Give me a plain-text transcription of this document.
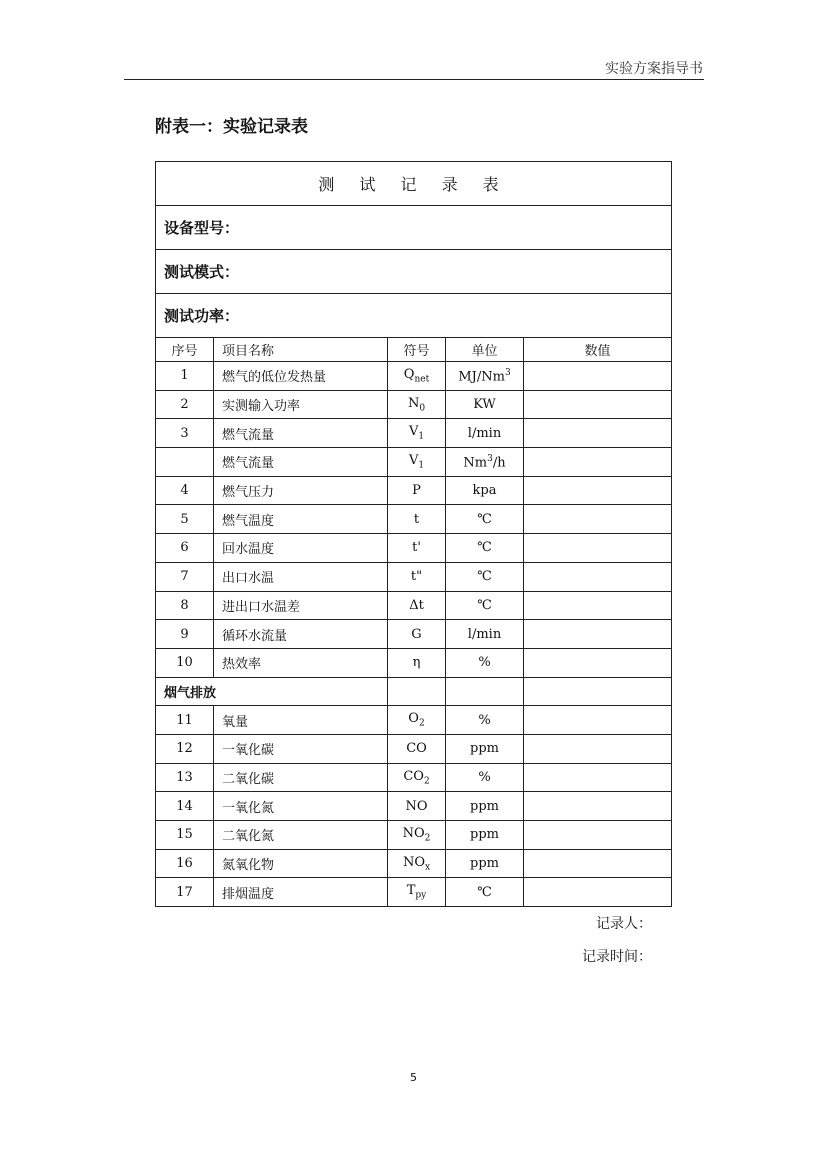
实验方案指导书
附表一：实验记录表
测 试 记 录 表				
设备型号：				
测试模式：				
测试功率：				
序号	项目名称	符号	单位	数值
1	燃气的低位发热量	$Q_{net}$	MJ/Nm$^3$	
2	实测输入功率	$N_0$	KW	
3	燃气流量	$V_1$	l/min	
	燃气流量	$V_1$	Nm$^3$/h	
4	燃气压力	P	kpa	
5	燃气温度	t	℃	
6	回水温度	t'	℃	
7	出口水温	t"	℃	
8	进出口水温差	Δt	℃	
9	循环水流量	G	l/min	
10	热效率	η	%	
烟气排放				
11	氧量	$O_2$	%	
12	一氧化碳	CO	ppm	
13	二氧化碳	$CO_2$	%	
14	一氧化氮	NO	ppm	
15	二氧化氮	$NO_2$	ppm	
16	氮氧化物	$NO_x$	ppm	
17	排烟温度	$T_{py}$	℃	
记录人：
记录时间：
5
